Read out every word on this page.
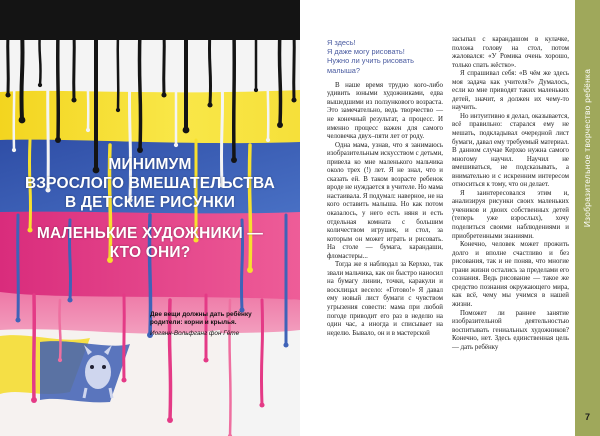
МИНИМУМ
ВЗРОСЛОГО ВМЕШАТЕЛЬСТВА
В ДЕТСКИЕ РИСУНКИ
МАЛЕНЬКИЕ ХУДОЖНИКИ —
КТО ОНИ?
Две вещи должны дать ребёнку родители: корни и крылья.
Иоганн-Вольфганг фон Гёте
Я здесь!
Я даже могу рисовать!
Нужно ли учить рисовать малыша?

В наше время трудно кого-либо удивить юными художниками, едва вышедшими из ползункового возраста. Это замечательно, ведь творчество — не конечный результат, а процесс. И именно процесс важен для самого человечка двух–пяти лет от роду.

Одна мама, узнав, что я занимаюсь изобразительным искусством с детьми, привела ко мне маленького мальчика около трех (!) лет. Я не знал, что и сказать ей. В таком возрасте ребенок вроде не нуждается в учителе. Но мама настаивала. Я подумал: наверное, не на кого оставить малыша. Но как потом оказалось, у него есть няня и есть отдельная комната с большим количеством игрушек, и стол, за которым он может играть и рисовать. На столе — бумага, карандаши, фломастеры...

Тогда же я наблюдал за Керхко, так звали мальчика, как он быстро наносил на бумагу линии, точки, каракули и восклицал весело: «Готово!» Я давал ему новый лист бумаги с чувством угрызения совести: мама при любой погоде приводит его раз в неделю на один час, а иногда и списывает на неделю. Бывало, он и в мастерской

засыпал с карандашом в кулачке, положа голову на стол, потом жаловался: «У Ромика очень хорошо, только спать жёстко».

Я спрашивал себя: «В чём же здесь моя задача как учителя?» Думалось, если ко мне приводят таких маленьких детей, значит, я должен их чему-то научить.

Но интуитивно я делал, оказывается, всё правильно: старался ему не мешать, подкладывал очередной лист бумаги, давал ему требуемый материал. В данном случае Керхко нужна самого многому научил. Научил не вмешиваться, не подсказывать, а внимательно и с искренним интересом относиться к тому, что он делает.

Я заинтересовался этим и, анализируя рисунки своих маленьких учеников и двоих собственных детей (теперь уже взрослых), хочу поделиться своими наблюдениями и приобретенными знаниями.

Конечно, человек может прожить долго и вполне счастливо и без рисования, так и не поняв, что многие грани жизни остались за пределами его сознания. Ведь рисование — такое же средство познания окружающего мира, как всё, чему мы учимся в нашей жизни.

Поможет ли раннее занятие изобразительной деятельностью воспитывать гениальных художников? Конечно, нет. Здесь единственная цель — дать ребёнку

Изобразительное творчество ребёнка
7
